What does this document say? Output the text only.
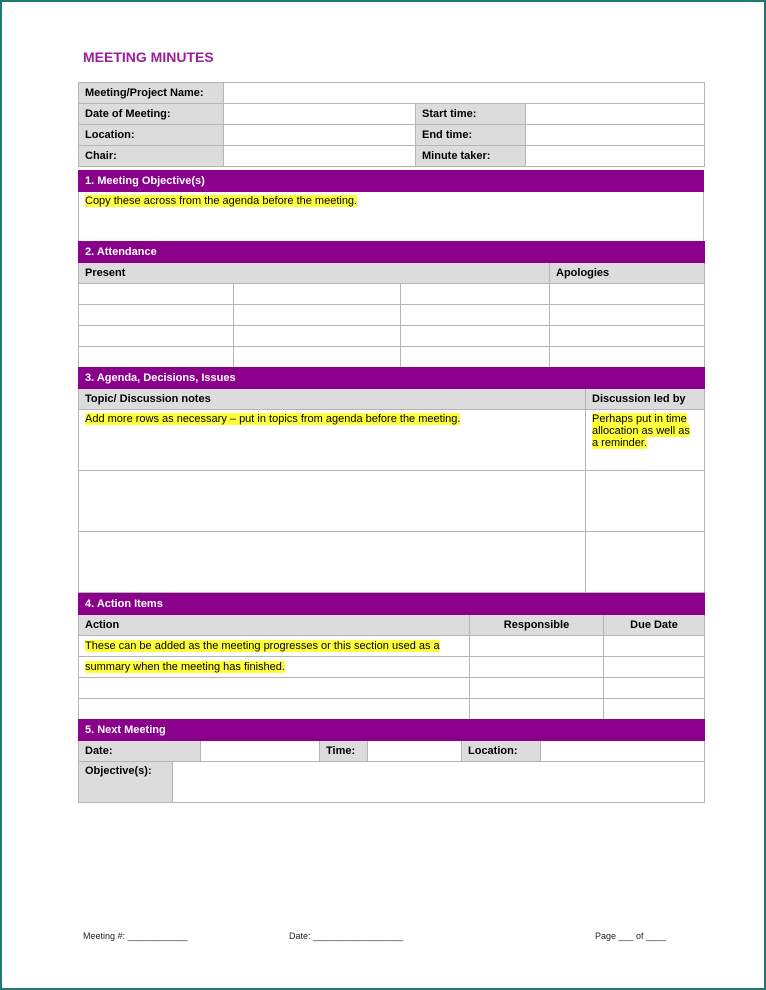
MEETING MINUTES
Meeting/Project Name:			
Date of Meeting:		Start time:	
Location:		End time:	
Chair:		Minute taker:	
1. Meeting Objective(s)
Copy these across from the agenda before the meeting.
2. Attendance			
Present			Apologies

3. Agenda, Decisions, Issues	
Topic/ Discussion notes	Discussion led by
Add more rows as necessary – put in topics from agenda before the meeting.	Perhaps put in time allocation as well as a reminder.

4. Action Items		
Action	Responsible	Due Date
These can be added as the meeting progresses or this section used as a		
summary when the meeting has finished.		

5. Next Meeting						
Date:			Time:		Location:	
Objective(s):						
Meeting #: ____________	Date: __________________	Page ___ of ____
